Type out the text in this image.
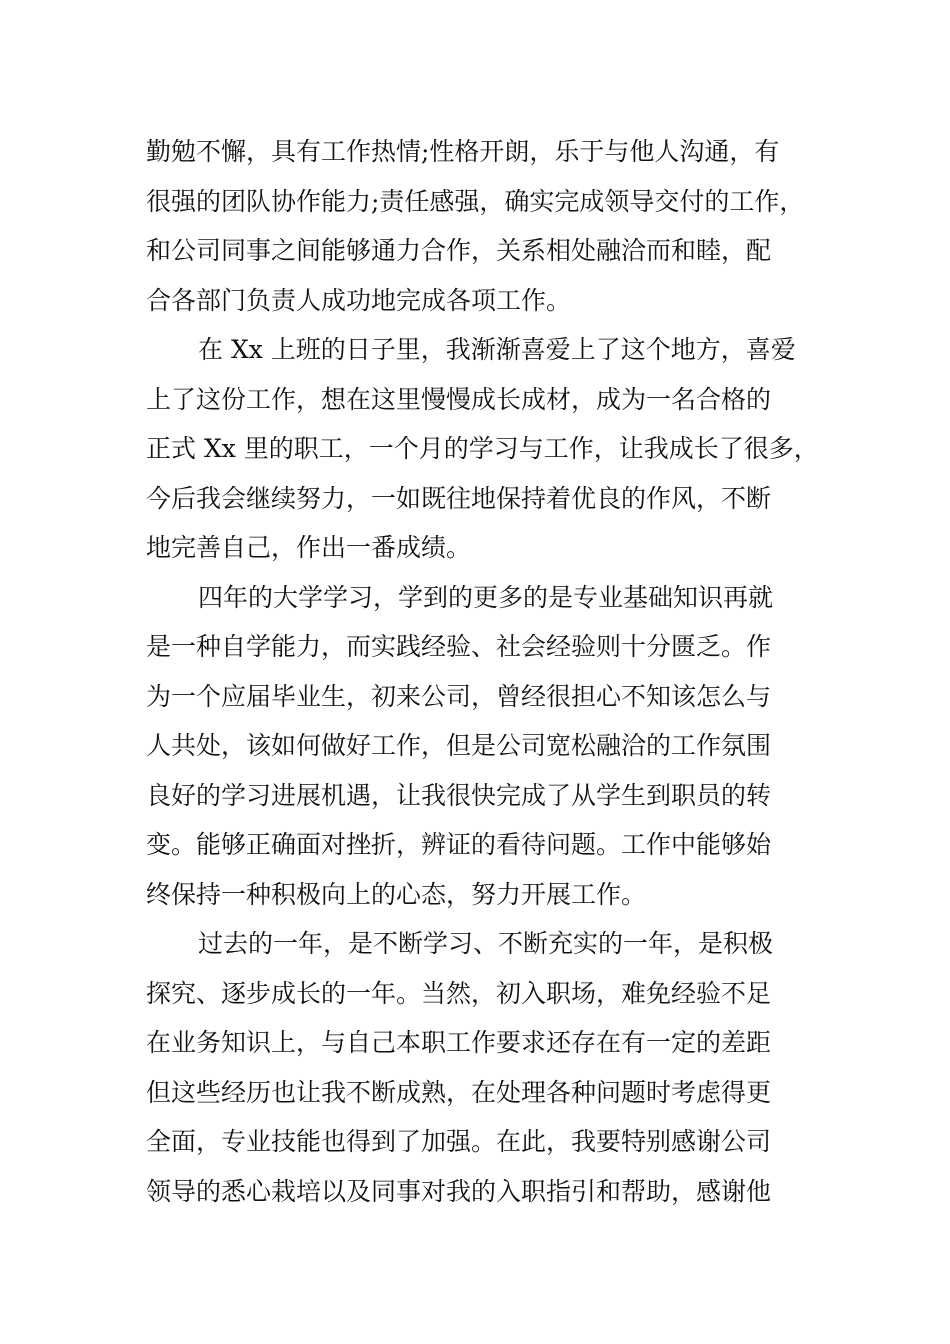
勤勉不懈，具有工作热情;性格开朗，乐于与他人沟通，有
很强的团队协作能力;责任感强，确实完成领导交付的工作，
和公司同事之间能够通力合作，关系相处融洽而和睦，配
合各部门负责人成功地完成各项工作。
在 Xx 上班的日子里，我渐渐喜爱上了这个地方，喜爱
上了这份工作，想在这里慢慢成长成材，成为一名合格的
正式 Xx 里的职工，一个月的学习与工作，让我成长了很多，
今后我会继续努力，一如既往地保持着优良的作风，不断
地完善自己，作出一番成绩。
四年的大学学习，学到的更多的是专业基础知识再就
是一种自学能力，而实践经验、社会经验则十分匮乏。作
为一个应届毕业生，初来公司，曾经很担心不知该怎么与
人共处，该如何做好工作，但是公司宽松融洽的工作氛围
良好的学习进展机遇，让我很快完成了从学生到职员的转
变。能够正确面对挫折，辨证的看待问题。工作中能够始
终保持一种积极向上的心态，努力开展工作。
过去的一年，是不断学习、不断充实的一年，是积极
探究、逐步成长的一年。当然，初入职场，难免经验不足
在业务知识上，与自己本职工作要求还存在有一定的差距
但这些经历也让我不断成熟，在处理各种问题时考虑得更
全面，专业技能也得到了加强。在此，我要特别感谢公司
领导的悉心栽培以及同事对我的入职指引和帮助，感谢他
